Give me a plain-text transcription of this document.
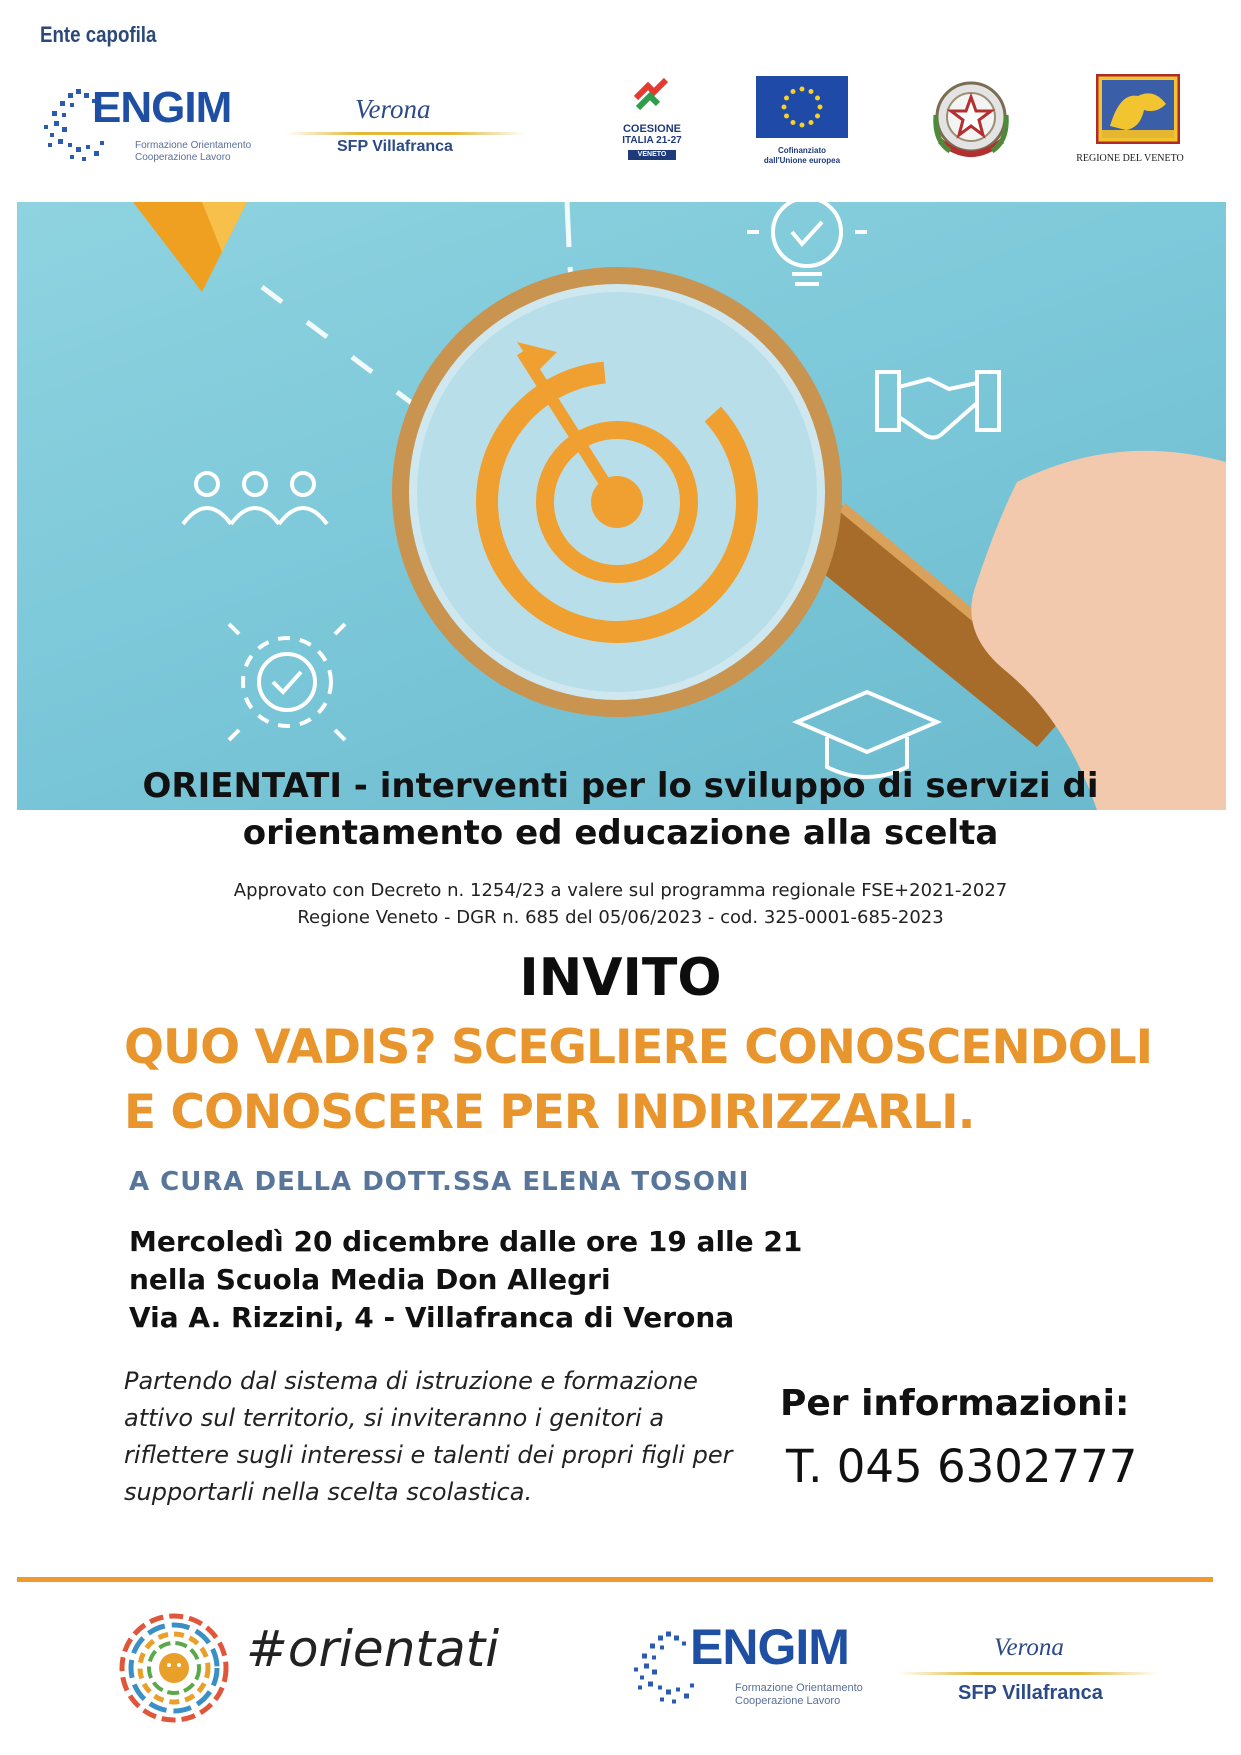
Ente capofila
ENGIM
Formazione Orientamento
Cooperazione Lavoro
Verona
SFP Villafranca
COESIONE
ITALIA 21-27
VENETO	Cofinanziato
dall'Unione europea	REGIONE DEL VENETO
ORIENTATI - interventi per lo sviluppo di servizi di
orientamento ed educazione alla scelta
Approvato con Decreto n. 1254/23 a valere sul programma regionale FSE+2021-2027
Regione Veneto - DGR n. 685 del 05/06/2023 - cod. 325-0001-685-2023
INVITO
QUO VADIS? SCEGLIERE CONOSCENDOLI
E CONOSCERE PER INDIRIZZARLI.
A CURA DELLA DOTT.SSA ELENA TOSONI
Mercoledì 20 dicembre dalle ore 19 alle 21
nella Scuola Media Don Allegri
Via A. Rizzini, 4 - Villafranca di Verona
Partendo dal sistema di istruzione e formazione
attivo sul territorio, si inviteranno i genitori a
riflettere sugli interessi e talenti dei propri figli per
supportarli nella scelta scolastica.
Per informazioni:
T. 045 6302777
#orientati	ENGIM
Formazione Orientamento
Cooperazione Lavoro
Verona
SFP Villafranca
